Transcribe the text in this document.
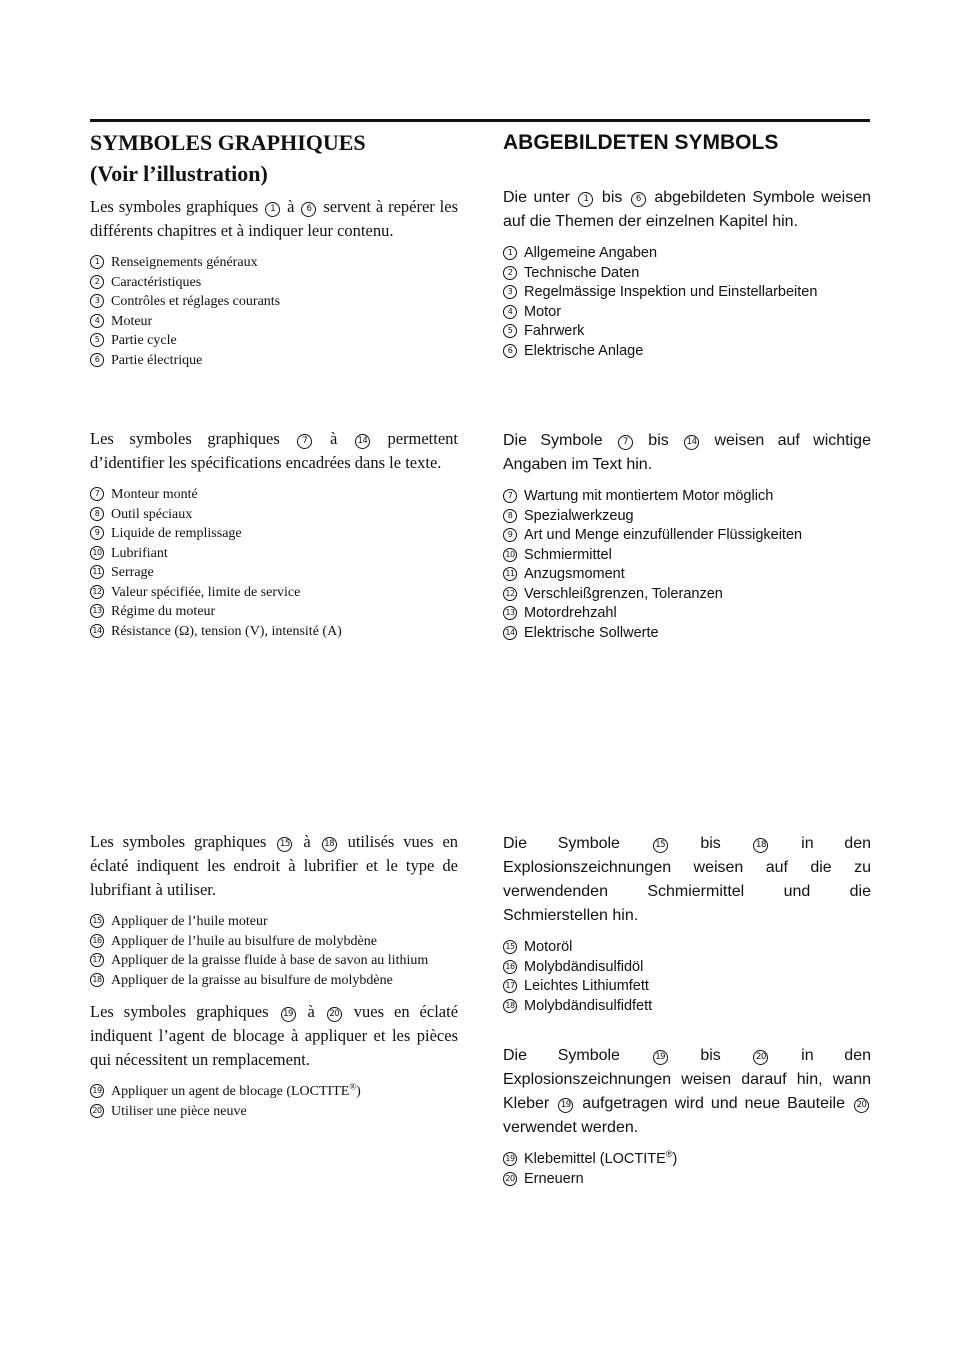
SYMBOLES GRAPHIQUES
(Voir l’illustration)

Les symboles graphiques 1 à 6 servent à repérer les différents chapitres et à indiquer leur contenu.

1 Renseignements généraux
2 Caractéristiques
3 Contrôles et réglages courants
4 Moteur
5 Partie cycle
6 Partie électrique

Les symboles graphiques	7 à 14 permettent d’identifier les spécifications encadrées dans le texte.

7 Monteur monté
8 Outil spéciaux
9 Liquide de remplissage
10 Lubrifiant
11 Serrage
12 Valeur spécifiée, limite de service
13 Régime du moteur
14 Résistance (Ω), tension (V), intensité (A)

Les symboles graphiques 15 à 18 utilisés vues en éclaté indiquent les endroit à lubrifier et le type de lubrifiant à utiliser.

15 Appliquer de l’huile moteur
16 Appliquer de l’huile au bisulfure de molybdène
17 Appliquer de la graisse fluide à base de savon au lithium
18 Appliquer de la graisse au bisulfure de molybdène

Les symboles graphiques 19 à 20 vues en éclaté indiquent l’agent de blocage à appliquer et les pièces qui nécessitent un remplacement.

19 Appliquer un agent de blocage (LOCTITE®)
20 Utiliser une pièce neuve
ABGEBILDETEN SYMBOLS

Die unter 1 bis 6 abgebildeten Symbole weisen auf die Themen der einzelnen Kapitel hin.

1 Allgemeine Angaben
2 Technische Daten
3 Regelmässige Inspektion und Einstellarbeiten
4 Motor
5 Fahrwerk
6 Elektrische Anlage

Die Symbole 7 bis 14 weisen auf wichtige Angaben im Text hin.

7 Wartung mit montiertem Motor möglich
8 Spezialwerkzeug
9 Art und Menge einzufüllender Flüssigkeiten
10 Schmiermittel
11 Anzugsmoment
12 Verschleißgrenzen, Toleranzen
13 Motordrehzahl
14 Elektrische Sollwerte

Die Symbole	15 bis	18 in den Explosionszeichnungen weisen auf die zu verwendenden Schmiermittel und die Schmierstellen hin.

15 Motoröl
16 Molybdändisulfidöl
17 Leichtes Lithiumfett
18 Molybdändisulfidfett

Die Symbole	19 bis	20 in den Explosionszeichnungen weisen darauf hin, wann Kleber 19 aufgetragen wird und neue Bauteile 20 verwendet werden.

19 Klebemittel (LOCTITE®)
20 Erneuern
